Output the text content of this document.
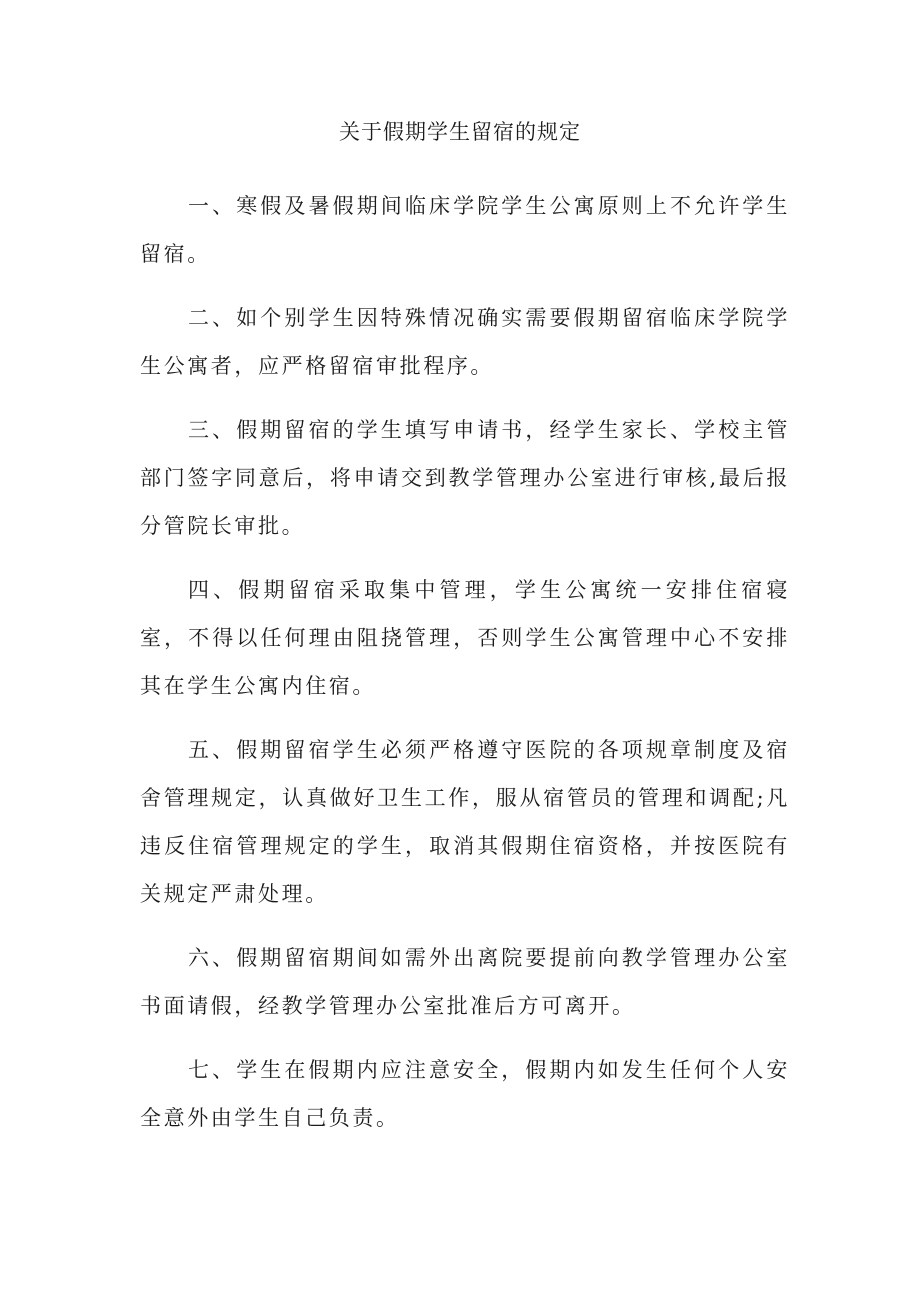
关于假期学生留宿的规定

一、寒假及暑假期间临床学院学生公寓原则上不允许学生留宿。

二、如个别学生因特殊情况确实需要假期留宿临床学院学生公寓者，应严格留宿审批程序。

三、假期留宿的学生填写申请书，经学生家长、学校主管部门签字同意后，将申请交到教学管理办公室进行审核,最后报分管院长审批。

四、假期留宿采取集中管理，学生公寓统一安排住宿寝室，不得以任何理由阻挠管理，否则学生公寓管理中心不安排其在学生公寓内住宿。

五、假期留宿学生必须严格遵守医院的各项规章制度及宿舍管理规定，认真做好卫生工作，服从宿管员的管理和调配;凡违反住宿管理规定的学生，取消其假期住宿资格，并按医院有关规定严肃处理。

六、假期留宿期间如需外出离院要提前向教学管理办公室书面请假，经教学管理办公室批准后方可离开。

七、学生在假期内应注意安全，假期内如发生任何个人安全意外由学生自己负责。
